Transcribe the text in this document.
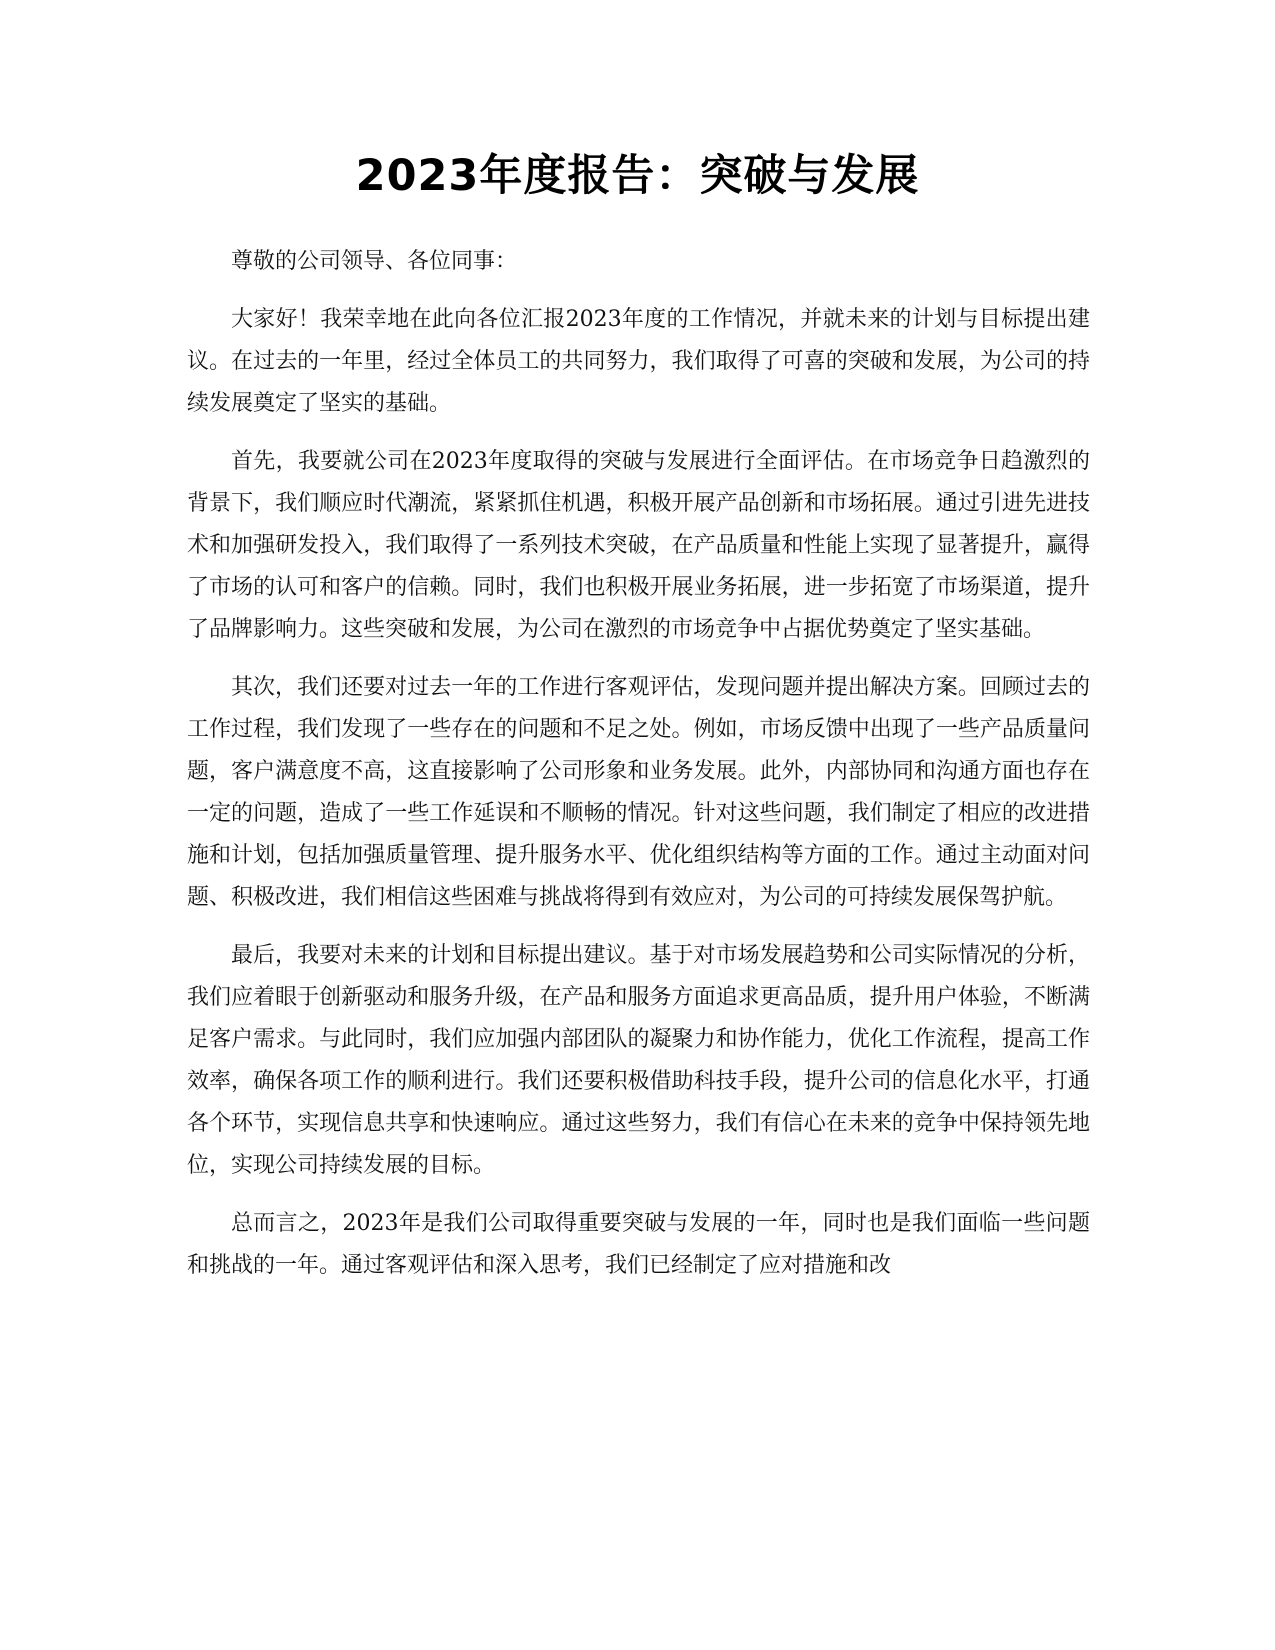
2023年度报告：突破与发展

尊敬的公司领导、各位同事：

大家好！我荣幸地在此向各位汇报2023年度的工作情况，并就未来的计划与目标提出建议。在过去的一年里，经过全体员工的共同努力，我们取得了可喜的突破和发展，为公司的持续发展奠定了坚实的基础。

首先，我要就公司在2023年度取得的突破与发展进行全面评估。在市场竞争日趋激烈的背景下，我们顺应时代潮流，紧紧抓住机遇，积极开展产品创新和市场拓展。通过引进先进技术和加强研发投入，我们取得了一系列技术突破，在产品质量和性能上实现了显著提升，赢得了市场的认可和客户的信赖。同时，我们也积极开展业务拓展，进一步拓宽了市场渠道，提升了品牌影响力。这些突破和发展，为公司在激烈的市场竞争中占据优势奠定了坚实基础。

其次，我们还要对过去一年的工作进行客观评估，发现问题并提出解决方案。回顾过去的工作过程，我们发现了一些存在的问题和不足之处。例如，市场反馈中出现了一些产品质量问题，客户满意度不高，这直接影响了公司形象和业务发展。此外，内部协同和沟通方面也存在一定的问题，造成了一些工作延误和不顺畅的情况。针对这些问题，我们制定了相应的改进措施和计划，包括加强质量管理、提升服务水平、优化组织结构等方面的工作。通过主动面对问题、积极改进，我们相信这些困难与挑战将得到有效应对，为公司的可持续发展保驾护航。

最后，我要对未来的计划和目标提出建议。基于对市场发展趋势和公司实际情况的分析，我们应着眼于创新驱动和服务升级，在产品和服务方面追求更高品质，提升用户体验，不断满足客户需求。与此同时，我们应加强内部团队的凝聚力和协作能力，优化工作流程，提高工作效率，确保各项工作的顺利进行。我们还要积极借助科技手段，提升公司的信息化水平，打通各个环节，实现信息共享和快速响应。通过这些努力，我们有信心在未来的竞争中保持领先地位，实现公司持续发展的目标。

总而言之，2023年是我们公司取得重要突破与发展的一年，同时也是我们面临一些问题和挑战的一年。通过客观评估和深入思考，我们已经制定了应对措施和改
